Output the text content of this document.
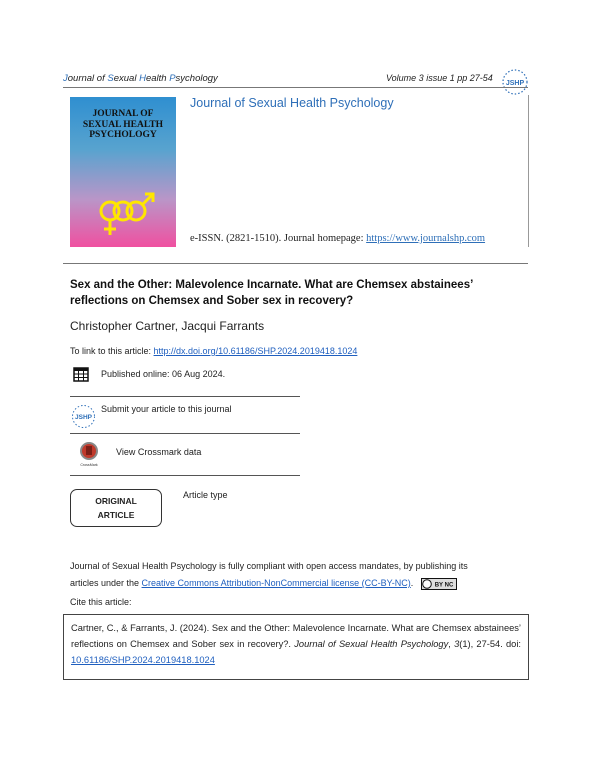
Journal of Sexual Health Psychology	Volume 3 issue 1 pp 27-54
JSHP
JOURNAL OF
SEXUAL HEALTH
PSYCHOLOGY
Journal of Sexual Health Psychology
e-ISSN. (2821-1510). Journal homepage: https://www.journalshp.com
Sex and the Other: Malevolence Incarnate. What are Chemsex abstainees’
reflections on Chemsex and Sober sex in recovery?
Christopher Cartner, Jacqui Farrants
To link to this article: http://dx.doi.org/10.61186/SHP.2024.2019418.1024
Published online: 06 Aug 2024.
JSHP
Submit your article to this journal
CrossMark
View Crossmark data
ORIGINAL
ARTICLE
Article type
Journal of Sexual Health Psychology is fully compliant with open access mandates, by publishing its
articles under the Creative Commons Attribution-NonCommercial license (CC-BY-NC).	BY NC
Cite this article:
Cartner, C., & Farrants, J. (2024). Sex and the Other: Malevolence Incarnate. What are Chemsex abstainees’ reflections on Chemsex and Sober sex in recovery?. Journal of Sexual Health Psychology, 3(1), 27-54. doi: 10.61186/SHP.2024.2019418.1024
